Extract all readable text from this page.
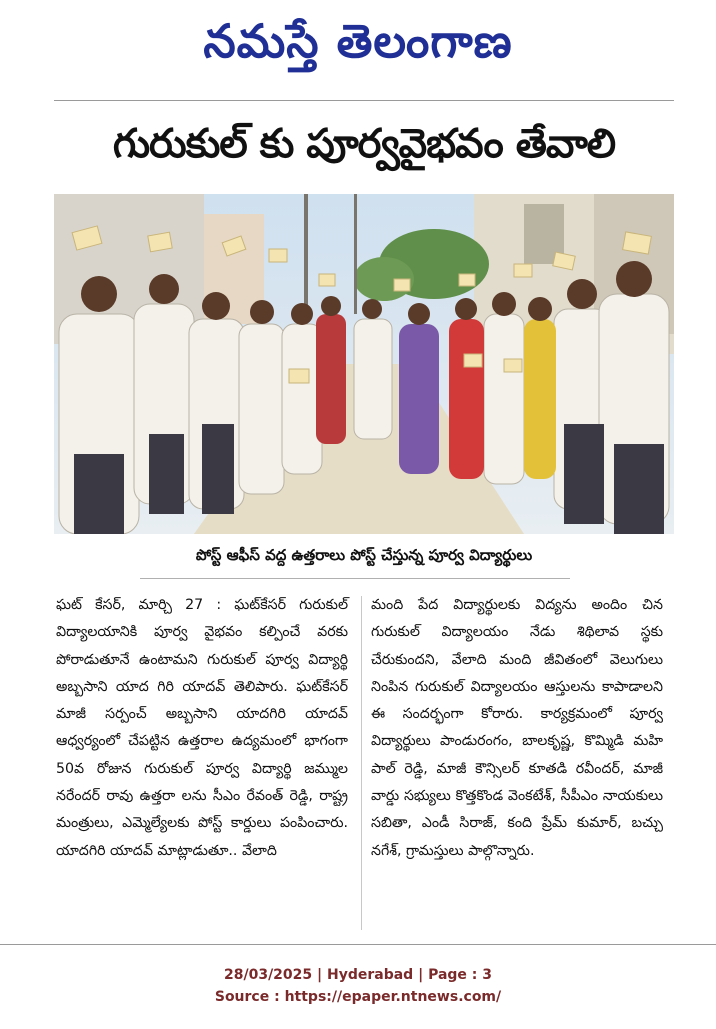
నమస్తే తెలంగాణ
గురుకుల్ కు పూర్వవైభవం తేవాలి
పోస్ట్ ఆఫీస్ వద్ద ఉత్తరాలు పోస్ట్ చేస్తున్న పూర్వ విద్యార్థులు

ఘట్ కేసర్, మార్చి 27 : ఘట్‌కేసర్ గురుకుల్ విద్యాలయానికి పూర్వ వైభవం కల్పించే వరకు పోరాడుతూనే ఉంటామని గురుకుల్ పూర్వ విద్యార్థి అబ్బసాని యాద గిరి యాదవ్ తెలిపారు. ఘట్‌కేసర్ మాజీ సర్పంచ్ అబ్బసాని యాదగిరి యాదవ్ ఆధ్వర్యంలో చేపట్టిన ఉత్తరాల ఉద్యమంలో భాగంగా 50వ రోజున గురుకుల్ పూర్వ విద్యార్థి జమ్ముల నరేందర్ రావు ఉత్తరా లను సీఎం రేవంత్ రెడ్డి, రాష్ట్ర మంత్రులు, ఎమ్మెల్యేలకు పోస్ట్ కార్డులు పంపించారు. యాదగిరి యాదవ్ మాట్లాడుతూ.. వేలాది

మంది పేద విద్యార్థులకు విద్యను అందిం చిన గురుకుల్ విద్యాలయం నేడు శిథిలావ స్థకు చేరుకుందని, వేలాది మంది జీవితంలో వెలుగులు నింపిన గురుకుల్ విద్యాలయం ఆస్తులను కాపాడాలని ఈ సందర్భంగా కోరారు. కార్యక్రమంలో పూర్వ విద్యార్థులు పాండురంగం, బాలకృష్ణ, కొమ్మిడి మహి పాల్ రెడ్డి, మాజీ కౌన్సిలర్ కూతడి రవీందర్, మాజీ వార్డు సభ్యులు కొత్తకొండ వెంకటేశ్, సీపీఎం నాయకులు సబితా, ఎండీ సిరాజ్, కంది ప్రేమ్ కుమార్, బచ్చు నగేశ్, గ్రామస్తులు పాల్గొన్నారు.

28/03/2025 | Hyderabad | Page : 3
Source : https://epaper.ntnews.com/
